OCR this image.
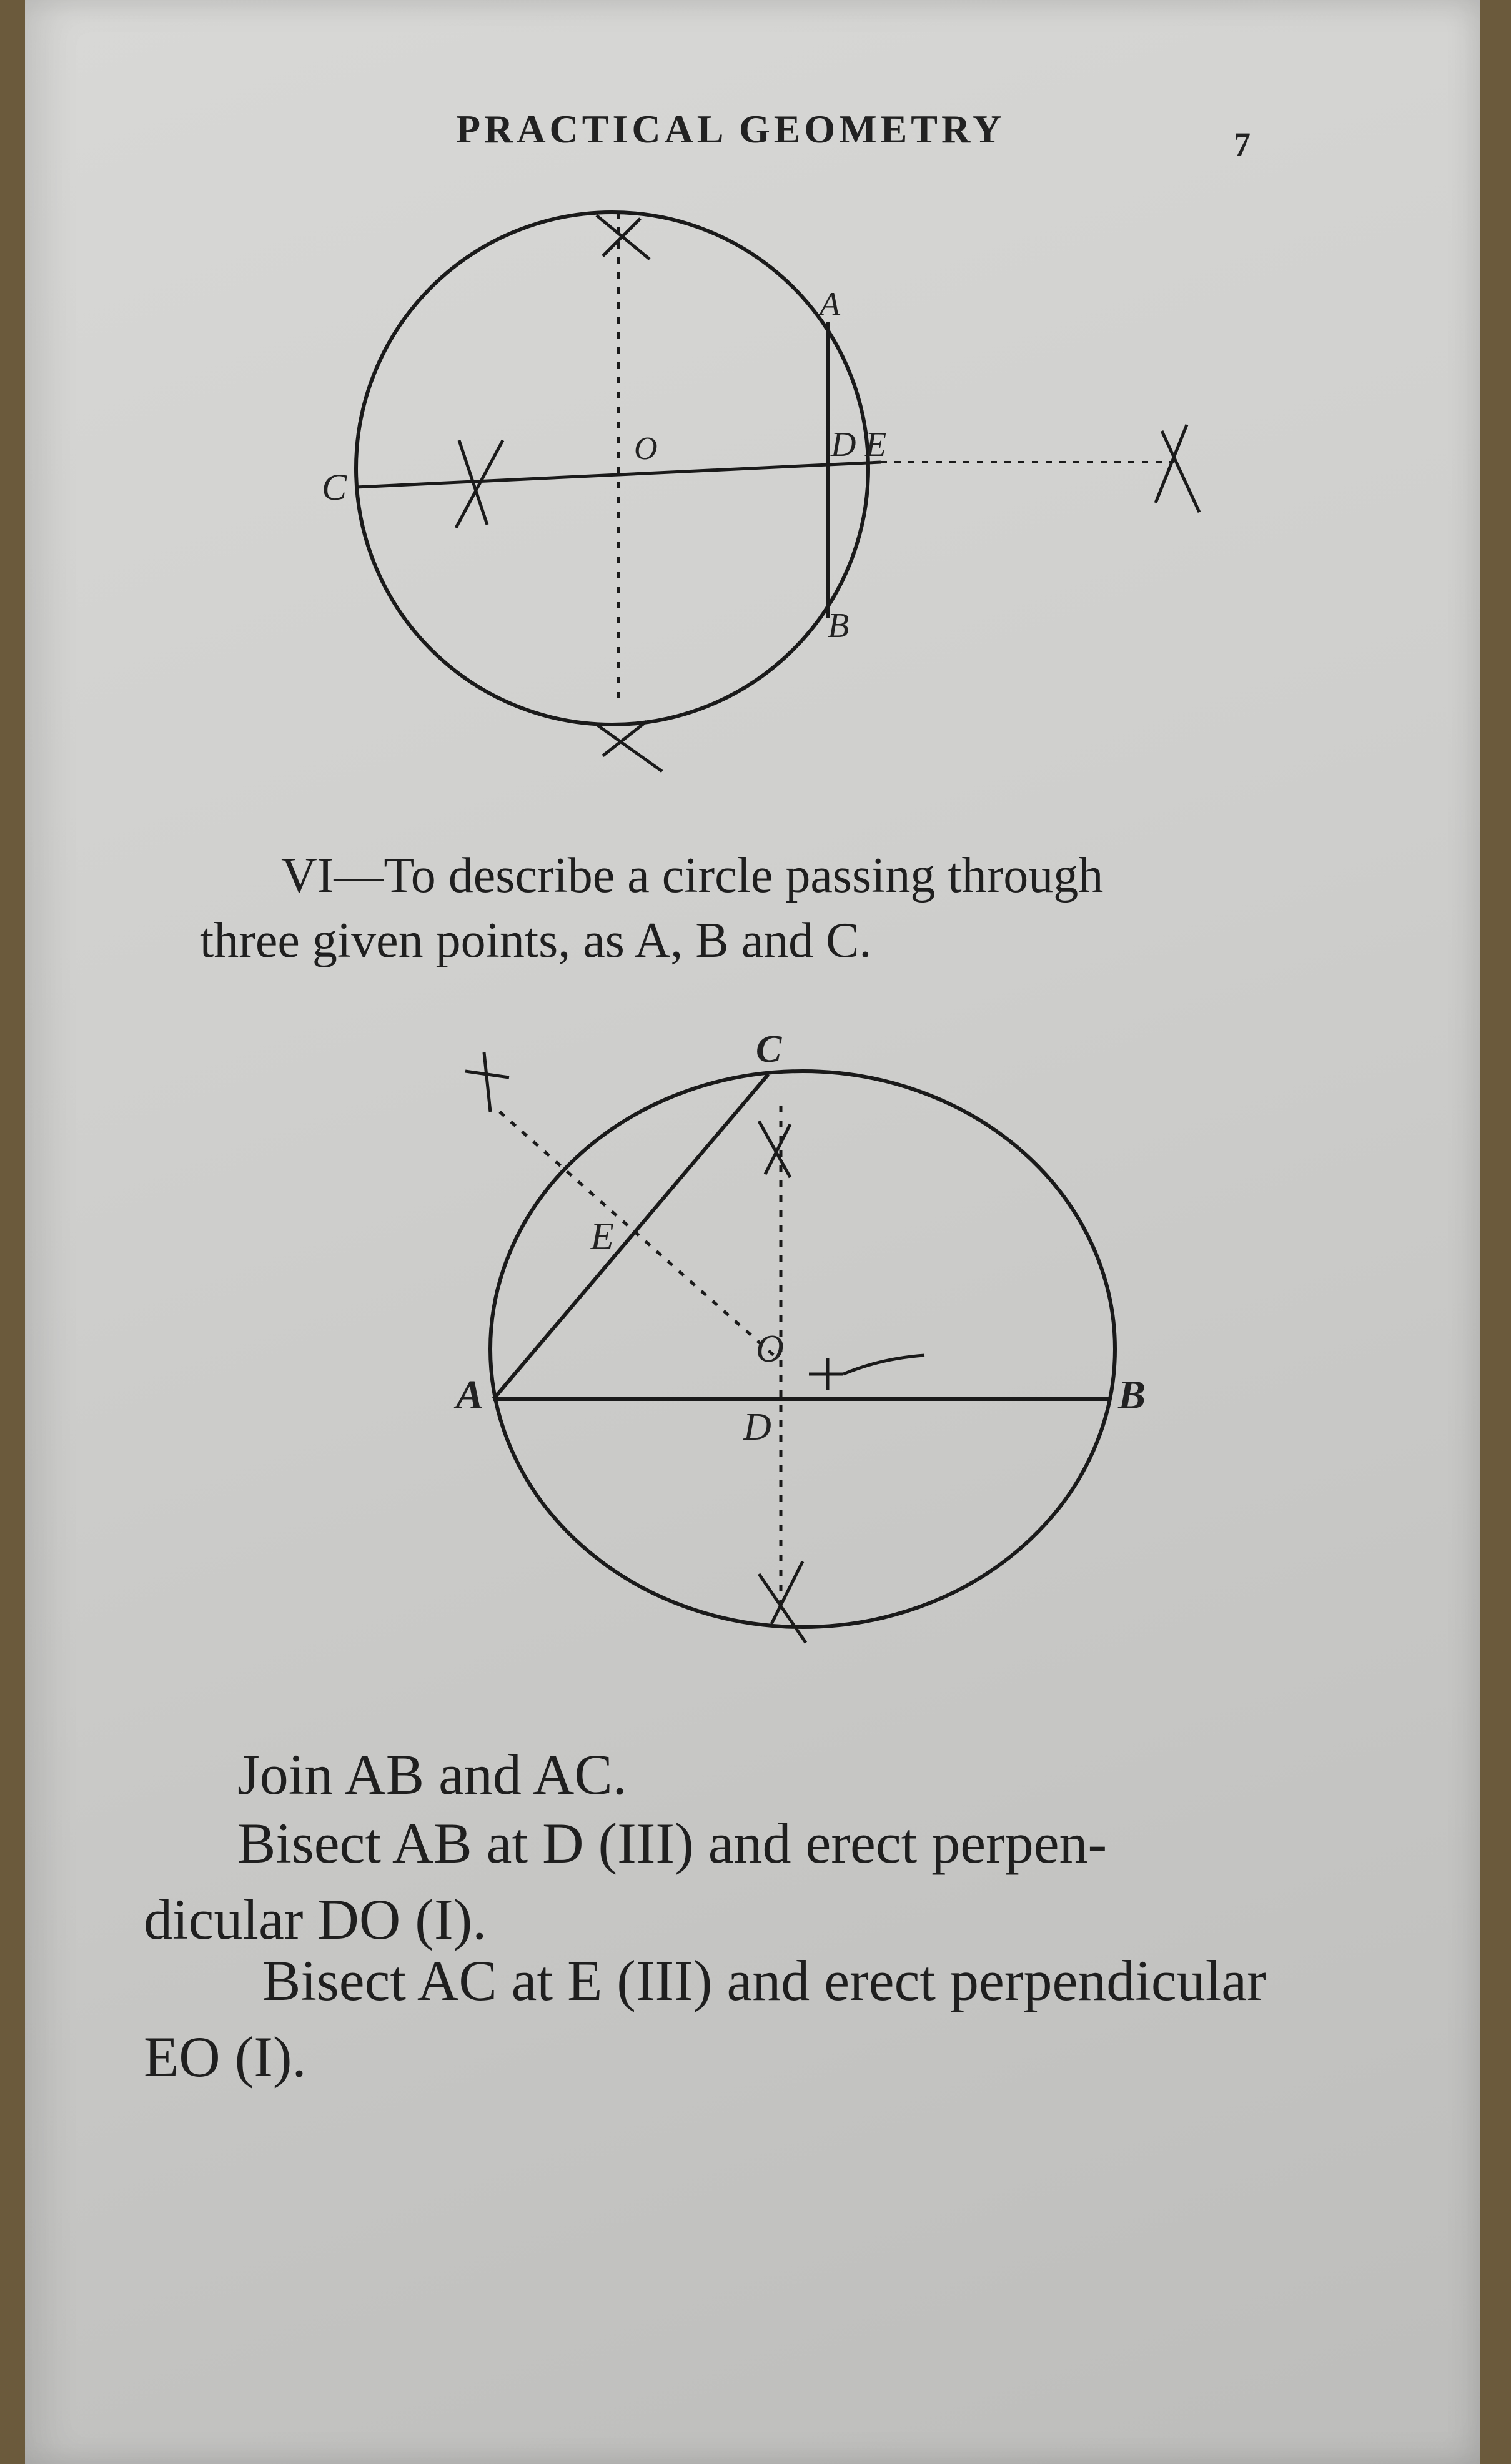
PRACTICAL GEOMETRY	7
C
O
A
D E
B
VI—To describe a circle passing through
three given points, as A, B and C.
C
E
O
A
D
B
Join AB and AC.
Bisect AB at D (III) and erect perpen-
dicular DO (I).
Bisect AC at E (III) and erect perpendicular
EO (I).
